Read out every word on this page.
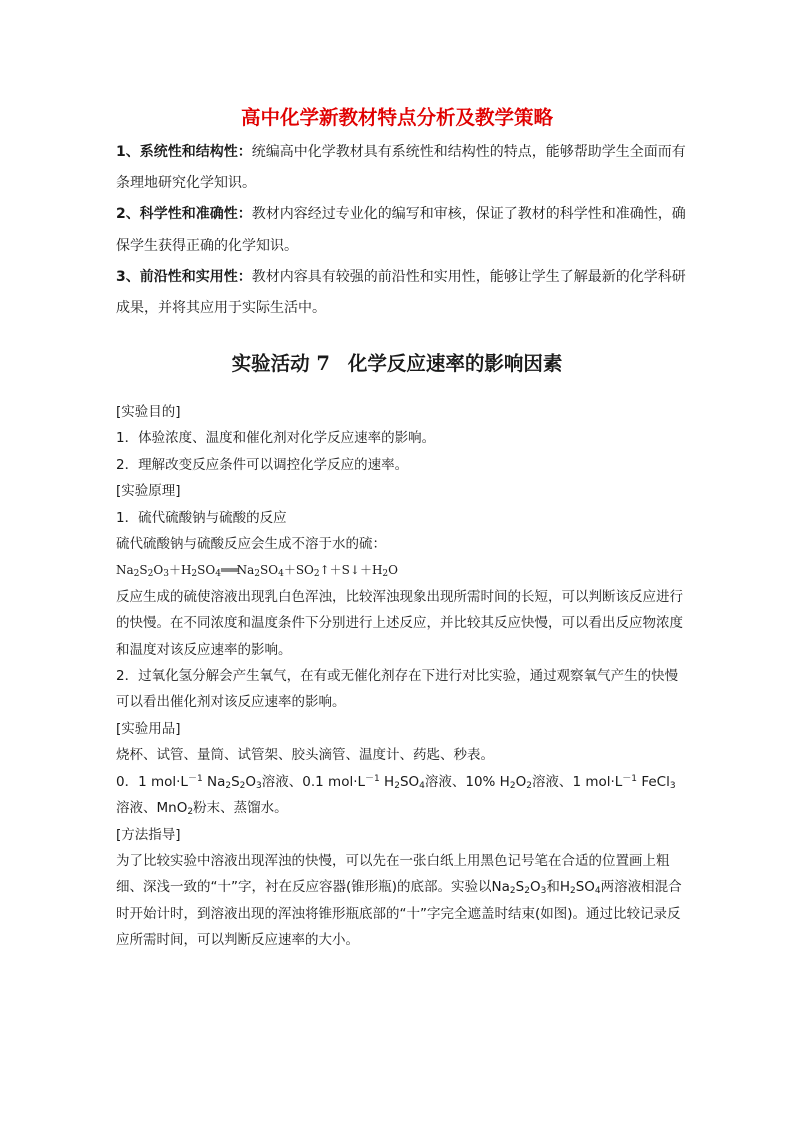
高中化学新教材特点分析及教学策略

1、系统性和结构性：统编高中化学教材具有系统性和结构性的特点，能够帮助学生全面而有条理地研究化学知识。

2、科学性和准确性：教材内容经过专业化的编写和审核，保证了教材的科学性和准确性，确保学生获得正确的化学知识。

3、前沿性和实用性：教材内容具有较强的前沿性和实用性，能够让学生了解最新的化学科研成果，并将其应用于实际生活中。

实验活动 7 化学反应速率的影响因素

[实验目的]

1．体验浓度、温度和催化剂对化学反应速率的影响。

2．理解改变反应条件可以调控化学反应的速率。

[实验原理]

1．硫代硫酸钠与硫酸的反应

硫代硫酸钠与硫酸反应会生成不溶于水的硫：

$Na_2S_2O_3+H_2SO_4═══Na_2SO_4+SO_2↑+S↓+H_2O$

反应生成的硫使溶液出现乳白色浑浊，比较浑浊现象出现所需时间的长短，可以判断该反应进行的快慢。在不同浓度和温度条件下分别进行上述反应，并比较其反应快慢，可以看出反应物浓度和温度对该反应速率的影响。

2．过氧化氢分解会产生氧气，在有或无催化剂存在下进行对比实验，通过观察氧气产生的快慢可以看出催化剂对该反应速率的影响。

[实验用品]

烧杯、试管、量筒、试管架、胶头滴管、温度计、药匙、秒表。

0．1 $mol\cdot L^{-1}$ $Na_2S_2O_3$溶液、0.1 $mol\cdot L^{-1}$ $H_2SO_4$溶液、10% $H_2O_2$溶液、1 $mol\cdot L^{-1}$ FeCl$_3$溶液、MnO$_2$粉末、蒸馏水。

[方法指导]

为了比较实验中溶液出现浑浊的快慢，可以先在一张白纸上用黑色记号笔在合适的位置画上粗细、深浅一致的“十”字，衬在反应容器(锥形瓶)的底部。实验以$Na_2S_2O_3$和$H_2SO_4$两溶液相混合时开始计时，到溶液出现的浑浊将锥形瓶底部的“十”字完全遮盖时结束(如图)。通过比较记录反应所需时间，可以判断反应速率的大小。
